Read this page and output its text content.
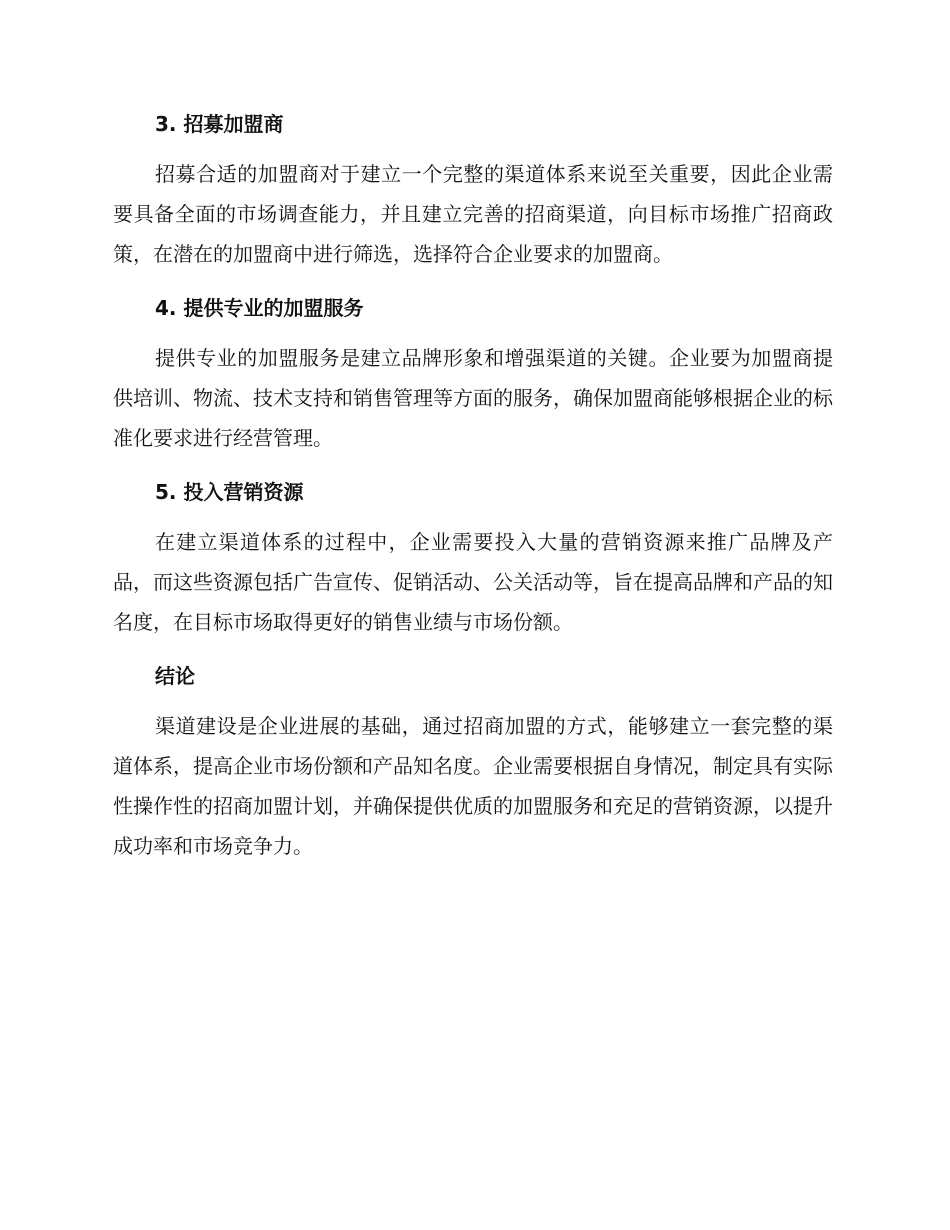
3. 招募加盟商

招募合适的加盟商对于建立一个完整的渠道体系来说至关重要，因此企业需要具备全面的市场调查能力，并且建立完善的招商渠道，向目标市场推广招商政策，在潜在的加盟商中进行筛选，选择符合企业要求的加盟商。

4. 提供专业的加盟服务

提供专业的加盟服务是建立品牌形象和增强渠道的关键。企业要为加盟商提供培训、物流、技术支持和销售管理等方面的服务，确保加盟商能够根据企业的标准化要求进行经营管理。

5. 投入营销资源

在建立渠道体系的过程中，企业需要投入大量的营销资源来推广品牌及产品，而这些资源包括广告宣传、促销活动、公关活动等，旨在提高品牌和产品的知名度，在目标市场取得更好的销售业绩与市场份额。

结论

渠道建设是企业进展的基础，通过招商加盟的方式，能够建立一套完整的渠道体系，提高企业市场份额和产品知名度。企业需要根据自身情况，制定具有实际性操作性的招商加盟计划，并确保提供优质的加盟服务和充足的营销资源，以提升成功率和市场竞争力。
